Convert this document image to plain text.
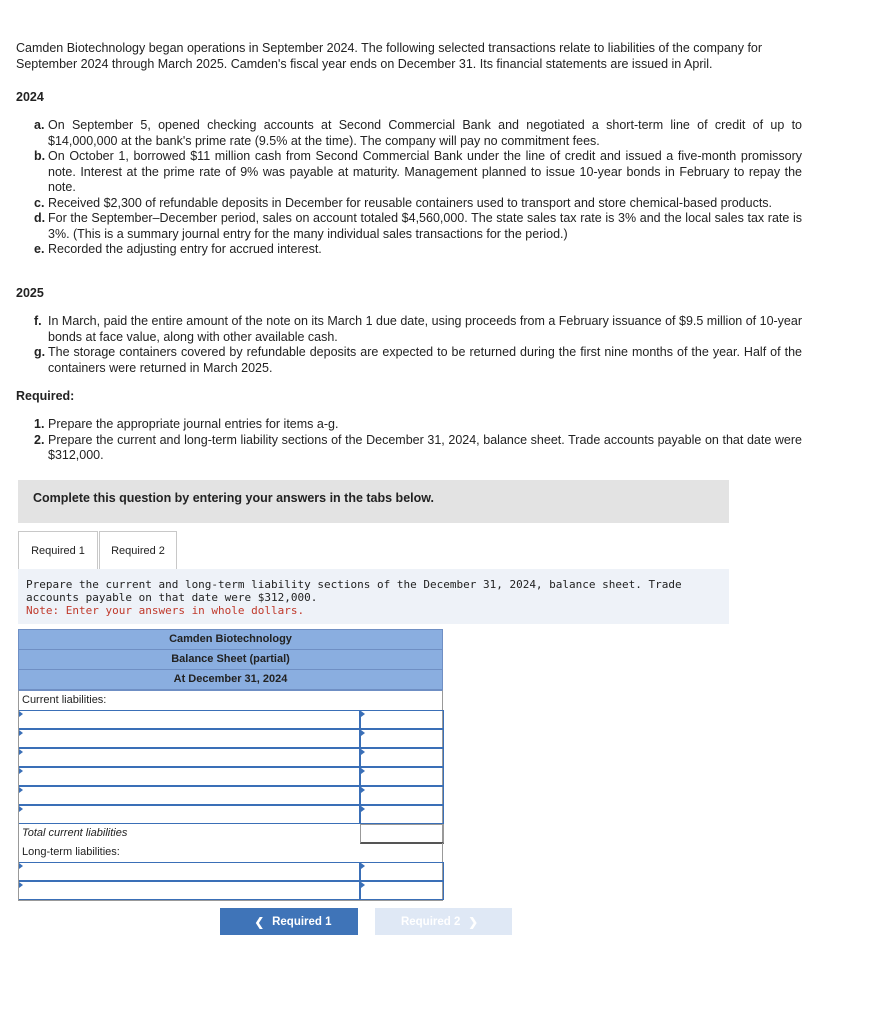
Camden Biotechnology began operations in September 2024. The following selected transactions relate to liabilities of the company for September 2024 through March 2025. Camden's fiscal year ends on December 31. Its financial statements are issued in April.
2024
a. On September 5, opened checking accounts at Second Commercial Bank and negotiated a short-term line of credit of up to $14,000,000 at the bank's prime rate (9.5% at the time). The company will pay no commitment fees.
b. On October 1, borrowed $11 million cash from Second Commercial Bank under the line of credit and issued a five-month promissory note. Interest at the prime rate of 9% was payable at maturity. Management planned to issue 10-year bonds in February to repay the note.
c. Received $2,300 of refundable deposits in December for reusable containers used to transport and store chemical-based products.
d. For the September–December period, sales on account totaled $4,560,000. The state sales tax rate is 3% and the local sales tax rate is 3%. (This is a summary journal entry for the many individual sales transactions for the period.)
e. Recorded the adjusting entry for accrued interest.
2025
f. In March, paid the entire amount of the note on its March 1 due date, using proceeds from a February issuance of $9.5 million of 10-year bonds at face value, along with other available cash.
g. The storage containers covered by refundable deposits are expected to be returned during the first nine months of the year. Half of the containers were returned in March 2025.
Required:
1. Prepare the appropriate journal entries for items a-g.
2. Prepare the current and long-term liability sections of the December 31, 2024, balance sheet. Trade accounts payable on that date were $312,000.
Complete this question by entering your answers in the tabs below.
Required 1	Required 2
Prepare the current and long-term liability sections of the December 31, 2024, balance sheet. Trade accounts payable on that date were $312,000.
Note: Enter your answers in whole dollars.
Camden Biotechnology
Balance Sheet (partial)
At December 31, 2024
Current liabilities:
Total current liabilities
Long-term liabilities:
❮ Required 1	Required 2 ❯
